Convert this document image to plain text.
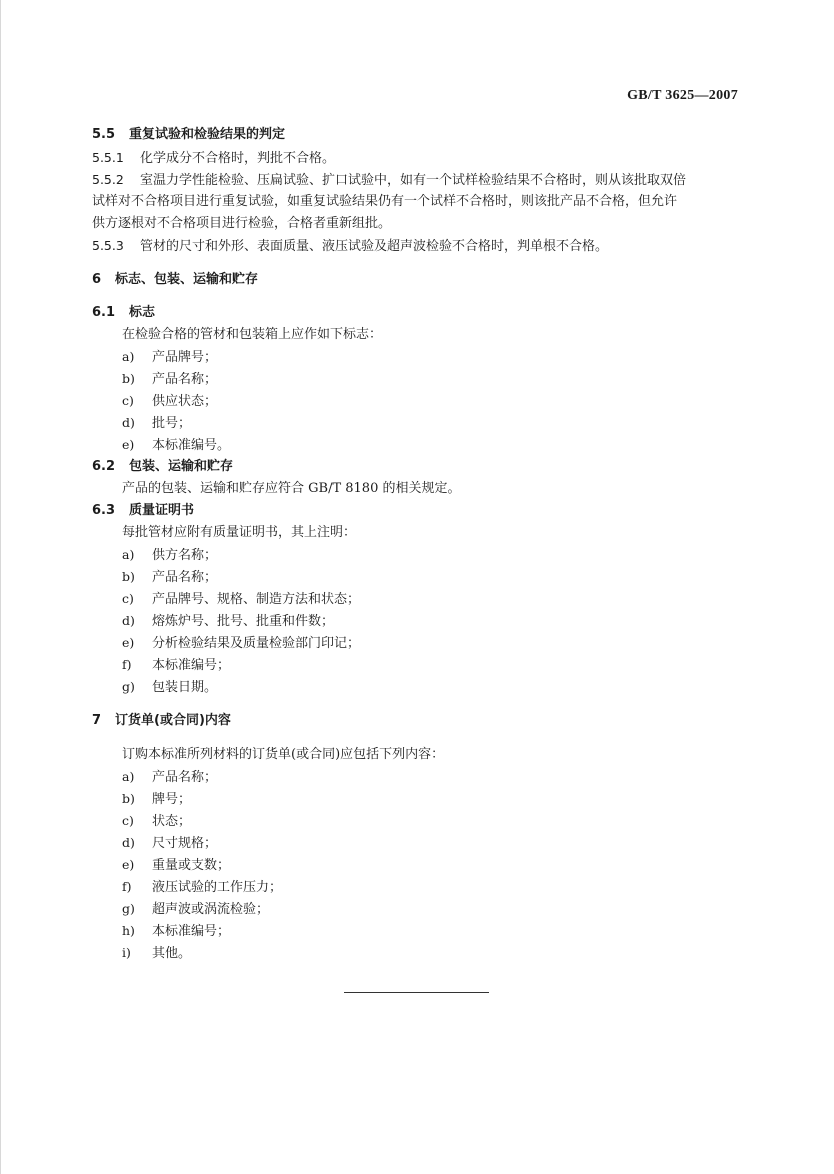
GB/T 3625—2007
5.5 重复试验和检验结果的判定
5.5.1 化学成分不合格时，判批不合格。
5.5.2 室温力学性能检验、压扁试验、扩口试验中，如有一个试样检验结果不合格时，则从该批取双倍
试样对不合格项目进行重复试验，如重复试验结果仍有一个试样不合格时，则该批产品不合格，但允许
供方逐根对不合格项目进行检验，合格者重新组批。
5.5.3 管材的尺寸和外形、表面质量、液压试验及超声波检验不合格时，判单根不合格。
6 标志、包装、运输和贮存
6.1 标志
在检验合格的管材和包装箱上应作如下标志：
a) 产品牌号；
b) 产品名称；
c) 供应状态；
d) 批号；
e) 本标准编号。
6.2 包装、运输和贮存
产品的包装、运输和贮存应符合 GB/T 8180 的相关规定。
6.3 质量证明书
每批管材应附有质量证明书，其上注明：
a) 供方名称；
b) 产品名称；
c) 产品牌号、规格、制造方法和状态；
d) 熔炼炉号、批号、批重和件数；
e) 分析检验结果及质量检验部门印记；
f) 本标准编号；
g) 包装日期。
7 订货单(或合同)内容
订购本标准所列材料的订货单(或合同)应包括下列内容：
a) 产品名称；
b) 牌号；
c) 状态；
d) 尺寸规格；
e) 重量或支数；
f) 液压试验的工作压力；
g) 超声波或涡流检验；
h) 本标准编号；
i) 其他。
